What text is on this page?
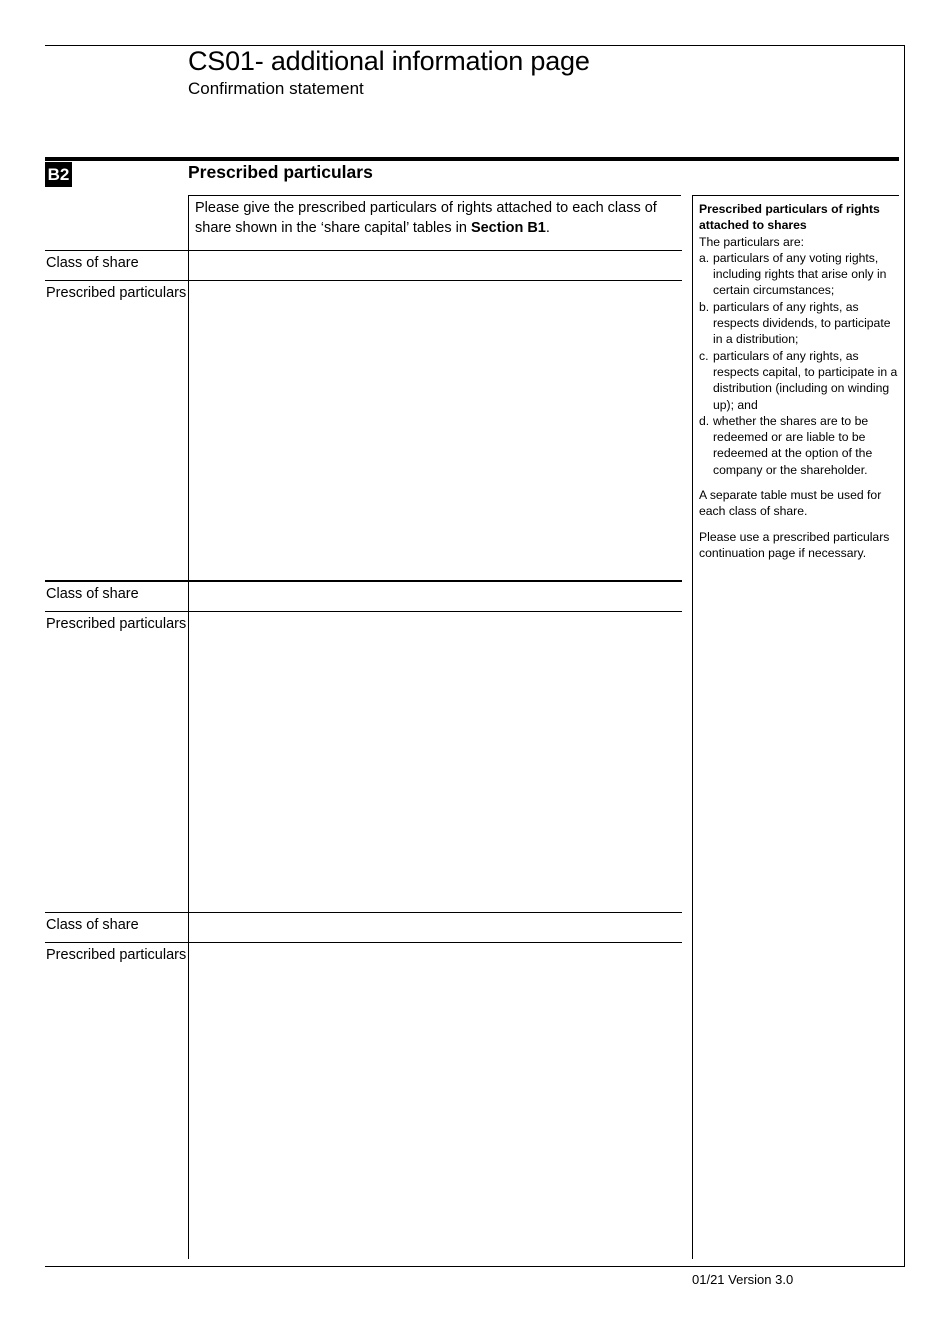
CS01- additional information page
Confirmation statement
B2	Prescribed particulars
Please give the prescribed particulars of rights attached to each class of share shown in the ‘share capital’ tables in Section B1.
Class of share
Prescribed particulars
Class of share
Prescribed particulars
Class of share
Prescribed particulars
Prescribed particulars of rights attached to shares
The particulars are:
a. particulars of any voting rights, including rights that arise only in certain circumstances;
b. particulars of any rights, as respects dividends, to participate in a distribution;
c. particulars of any rights, as respects capital, to participate in a distribution (including on winding up); and
d. whether the shares are to be redeemed or are liable to be redeemed at the option of the company or the shareholder.

A separate table must be used for each class of share.

Please use a prescribed particulars continuation page if necessary.

01/21 Version 3.0
